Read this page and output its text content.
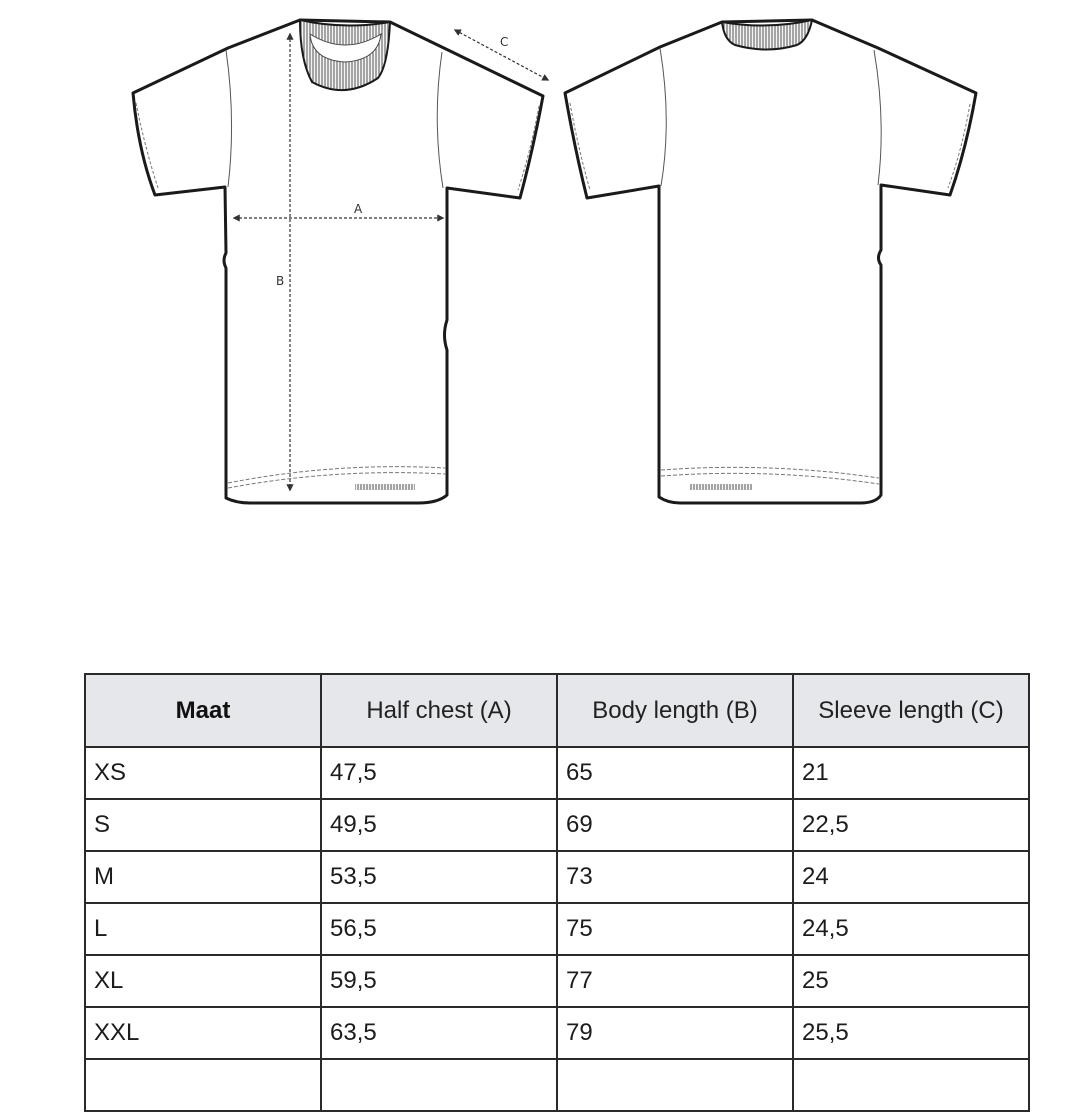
A
B
C
Maat	Half chest (A)	Body length (B)	Sleeve length (C)
XS	47,5	65	21
S	49,5	69	22,5
M	53,5	73	24
L	56,5	75	24,5
XL	59,5	77	25
XXL	63,5	79	25,5
